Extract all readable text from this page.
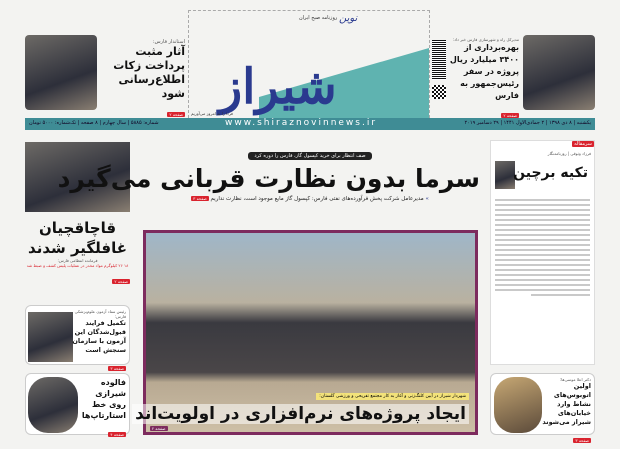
استاندار فارس:
آثار مثبت پرداخت زکات اطلاع‌رسانی شود
صفحه ۲ شیراز
روزنامه صبح ایران نوین
فردا را به امروز می‌آوریم
مدیرکل راه و شهرسازی فارس خبر داد:
بهره‌برداری از ۳۴۰۰ میلیارد ریال پروژه در سفر رئیس‌جمهور به فارس
صفحه ۲
یکشنبه | ۸ دی ۱۳۹۸ | ۲ جمادی‌الاول ۱۴۴۱ | ۲۹ دسامبر ۲۰۱۹
www.shiraznovinnews.ir
شماره: ۵۸۸۵ | سال چهارم | ۸ صفحه | تک‌شماره: ۵۰۰۰ تومان
قاچاقچیان غافلگیر شدند
فرمانده انتظامی فارس:
۱۸ ۲۶ کیلوگرم مواد مخدر در عملیات پلیس کشف و ضبط شد
صفحه ۲
رئیس ستاد آزمون علوم‌پزشکی فارس:
تکمیل فرایند قبول‌شدگان این آزمون با سازمان سنجش است
صفحه ۳
فالوده شیرازی روی خط استارتاپ‌ها
صفحه ۴
صف انتظار برای خرید کپسول گاز، فارس را دوره کرد
سرما بدون نظارت قربانی می‌گیرد
» مدیرعامل شرکت پخش فرآورده‌های نفتی فارس: کپسول گاز مایع موجود است، نظارت نداریم صفحه ۳
شهردار شیراز در آیین کلنگ‌زنی و آغاز به کار مجتمع تفریحی و ورزشی گلستان:
ایجاد پروژه‌های نرم‌افزاری در اولویت‌اند
صفحه ۲
سرمقاله
فرزاد وثوقی | روزنامه‌نگار
تکیه برچین
دکتر اعلا موسی‌ها:
اولین اتوبوس‌های نشاط وارد خیابان‌های شیراز می‌شوند
صفحه ۳
